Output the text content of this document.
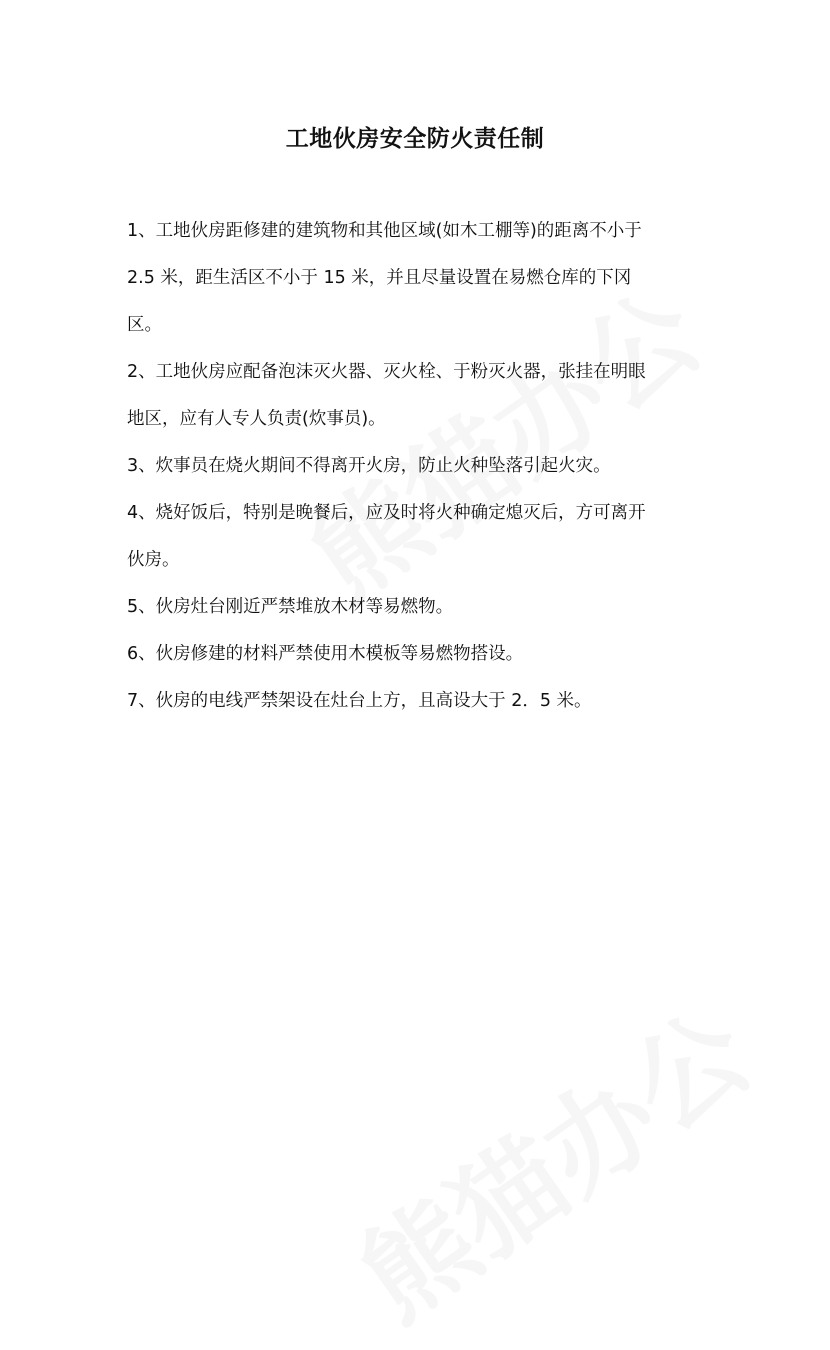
工地伙房安全防火责任制
1、工地伙房距修建的建筑物和其他区域(如木工棚等)的距离不小于
2.5 米，距生活区不小于 15 米，并且尽量设置在易燃仓库的下冈
区。
2、工地伙房应配备泡沫灭火器、灭火栓、于粉灭火器，张挂在明眼
地区，应有人专人负责(炊事员)。
3、炊事员在烧火期间不得离开火房，防止火种坠落引起火灾。
4、烧好饭后，特别是晚餐后，应及时将火种确定熄灭后，方可离开
伙房。
5、伙房灶台刚近严禁堆放木材等易燃物。
6、伙房修建的材料严禁使用木模板等易燃物搭设。
7、伙房的电线严禁架设在灶台上方，且高设大于 2．5 米。
